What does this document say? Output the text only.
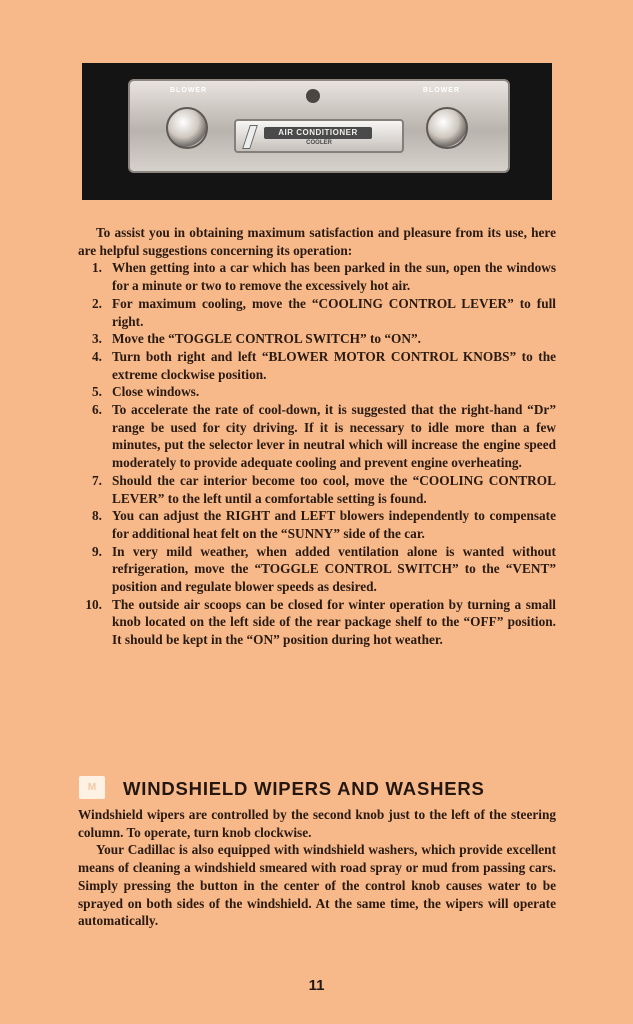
BLOWER	BLOWER
AIR CONDITIONER
COOLER

To assist you in obtaining maximum satisfaction and pleasure from its use, here are helpful suggestions concerning its operation:

1. When getting into a car which has been parked in the sun, open the windows for a minute or two to remove the excessively hot air.
2. For maximum cooling, move the “COOLING CONTROL LEVER” to full right.
3. Move the “TOGGLE CONTROL SWITCH” to “ON”.
4. Turn both right and left “BLOWER MOTOR CONTROL KNOBS” to the extreme clockwise position.
5. Close windows.
6. To accelerate the rate of cool-down, it is suggested that the right-hand “Dr” range be used for city driving. If it is necessary to idle more than a few minutes, put the selector lever in neutral which will increase the engine speed moderately to provide adequate cooling and prevent engine overheating.
7. Should the car interior become too cool, move the “COOLING CONTROL LEVER” to the left until a comfortable setting is found.
8. You can adjust the RIGHT and LEFT blowers independently to compensate for additional heat felt on the “SUNNY” side of the car.
9. In very mild weather, when added ventilation alone is wanted without refrigeration, move the “TOGGLE CONTROL SWITCH” to the “VENT” position and regulate blower speeds as desired.
10. The outside air scoops can be closed for winter operation by turning a small knob located on the left side of the rear package shelf to the “OFF” position. It should be kept in the “ON” position during hot weather.
M	WINDSHIELD WIPERS AND WASHERS

Windshield wipers are controlled by the second knob just to the left of the steering column. To operate, turn knob clockwise.

Your Cadillac is also equipped with windshield washers, which provide excellent means of cleaning a windshield smeared with road spray or mud from passing cars. Simply pressing the button in the center of the control knob causes water to be sprayed on both sides of the windshield. At the same time, the wipers will operate automatically.

11
